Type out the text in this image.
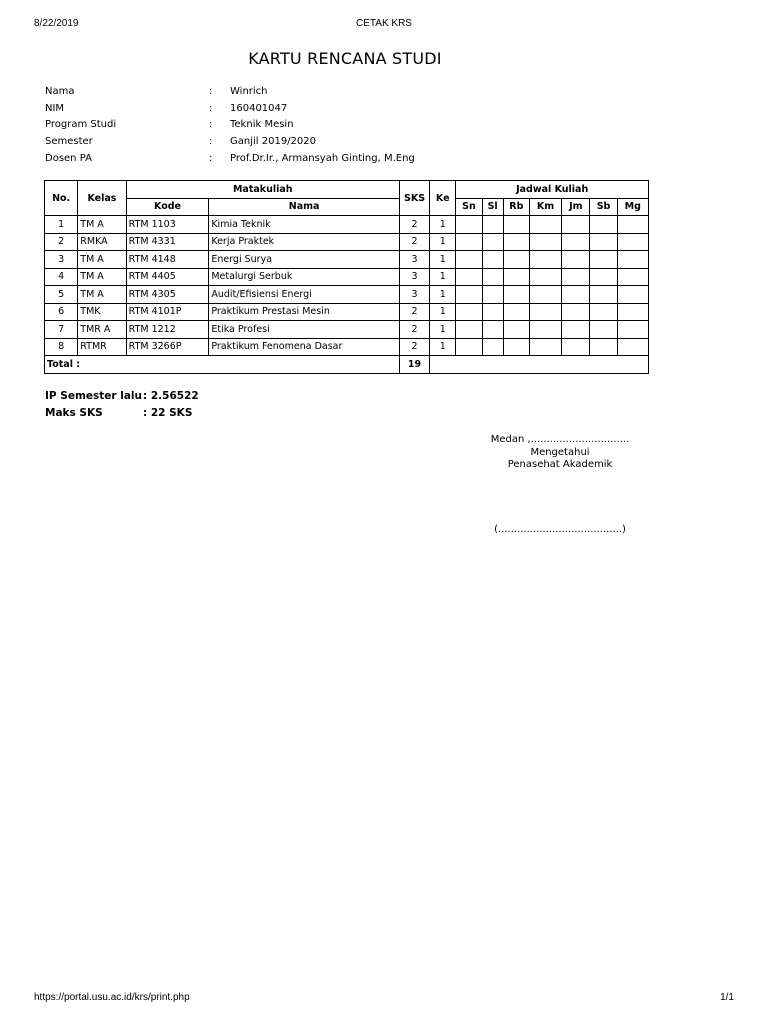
8/22/2019	CETAK KRS
KARTU RENCANA STUDI
Nama	:	Winrich
NIM	:	160401047
Program Studi	:	Teknik Mesin
Semester	:	Ganjil 2019/2020
Dosen PA	:	Prof.Dr.Ir., Armansyah Ginting, M.Eng
No.	Kelas	Matakuliah		SKS	Ke	Jadwal Kuliah						
		Kode	Nama			Sn	Sl	Rb	Km	Jm	Sb	Mg
1	TM A	RTM 1103	Kimia Teknik	2	1							
2	RMKA	RTM 4331	Kerja Praktek	2	1							
3	TM A	RTM 4148	Energi Surya	3	1							
4	TM A	RTM 4405	Metalurgi Serbuk	3	1							
5	TM A	RTM 4305	Audit/Efisiensi Energi	3	1							
6	TMK	RTM 4101P	Praktikum Prestasi Mesin	2	1							
7	TMR A	RTM 1212	Etika Profesi	2	1							
8	RTMR	RTM 3266P	Praktikum Fenomena Dasar	2	1							
Total :				19								
IP Semester lalu : 2.56522
Maks SKS	: 22 SKS
Medan ,...............................
Mengetahui
Penasehat Akademik
(.......................................)
https://portal.usu.ac.id/krs/print.php	1/1
